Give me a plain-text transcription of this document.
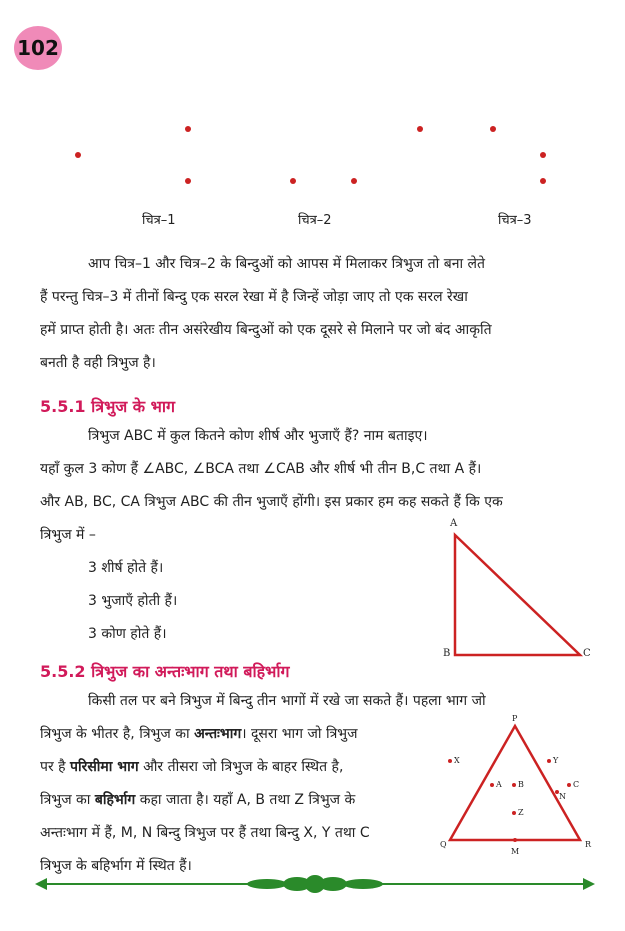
102
चित्र–1	चित्र–2	चित्र–3
आप चित्र–1 और चित्र–2 के बिन्दुओं को आपस में मिलाकर त्रिभुज तो बना लेते
हैं परन्तु चित्र–3 में तीनों बिन्दु एक सरल रेखा में है जिन्हें जोड़ा जाए तो एक सरल रेखा
हमें प्राप्त होती है। अतः तीन असंरेखीय बिन्दुओं को एक दूसरे से मिलाने पर जो बंद आकृति
बनती है वही त्रिभुज है।
5.5.1 त्रिभुज के भाग
त्रिभुज ABC में कुल कितने कोण शीर्ष और भुजाएँ हैं? नाम बताइए।
यहाँ कुल 3 कोण हैं ∠ABC, ∠BCA तथा ∠CAB और शीर्ष भी तीन B,C तथा A हैं।
और AB, BC, CA त्रिभुज ABC की तीन भुजाएँ होंगी। इस प्रकार हम कह सकते हैं कि एक
त्रिभुज में –
3 शीर्ष होते हैं।
3 भुजाएँ होती हैं।
3 कोण होते हैं।
A
B	C
5.5.2 त्रिभुज का अन्तःभाग तथा बहिर्भाग
किसी तल पर बने त्रिभुज में बिन्दु तीन भागों में रखे जा सकते हैं। पहला भाग जो
त्रिभुज के भीतर है, त्रिभुज का अन्तःभाग। दूसरा भाग जो त्रिभुज
पर है परिसीमा भाग और तीसरा जो त्रिभुज के बाहर स्थित है,
त्रिभुज का बहिर्भाग कहा जाता है। यहाँ A, B तथा Z त्रिभुज के
अन्तःभाग में हैं, M, N बिन्दु त्रिभुज पर हैं तथा बिन्दु X, Y तथा C
त्रिभुज के बहिर्भाग में स्थित हैं।
P
Q	R
M
N
X	Y
A B	C
Z
